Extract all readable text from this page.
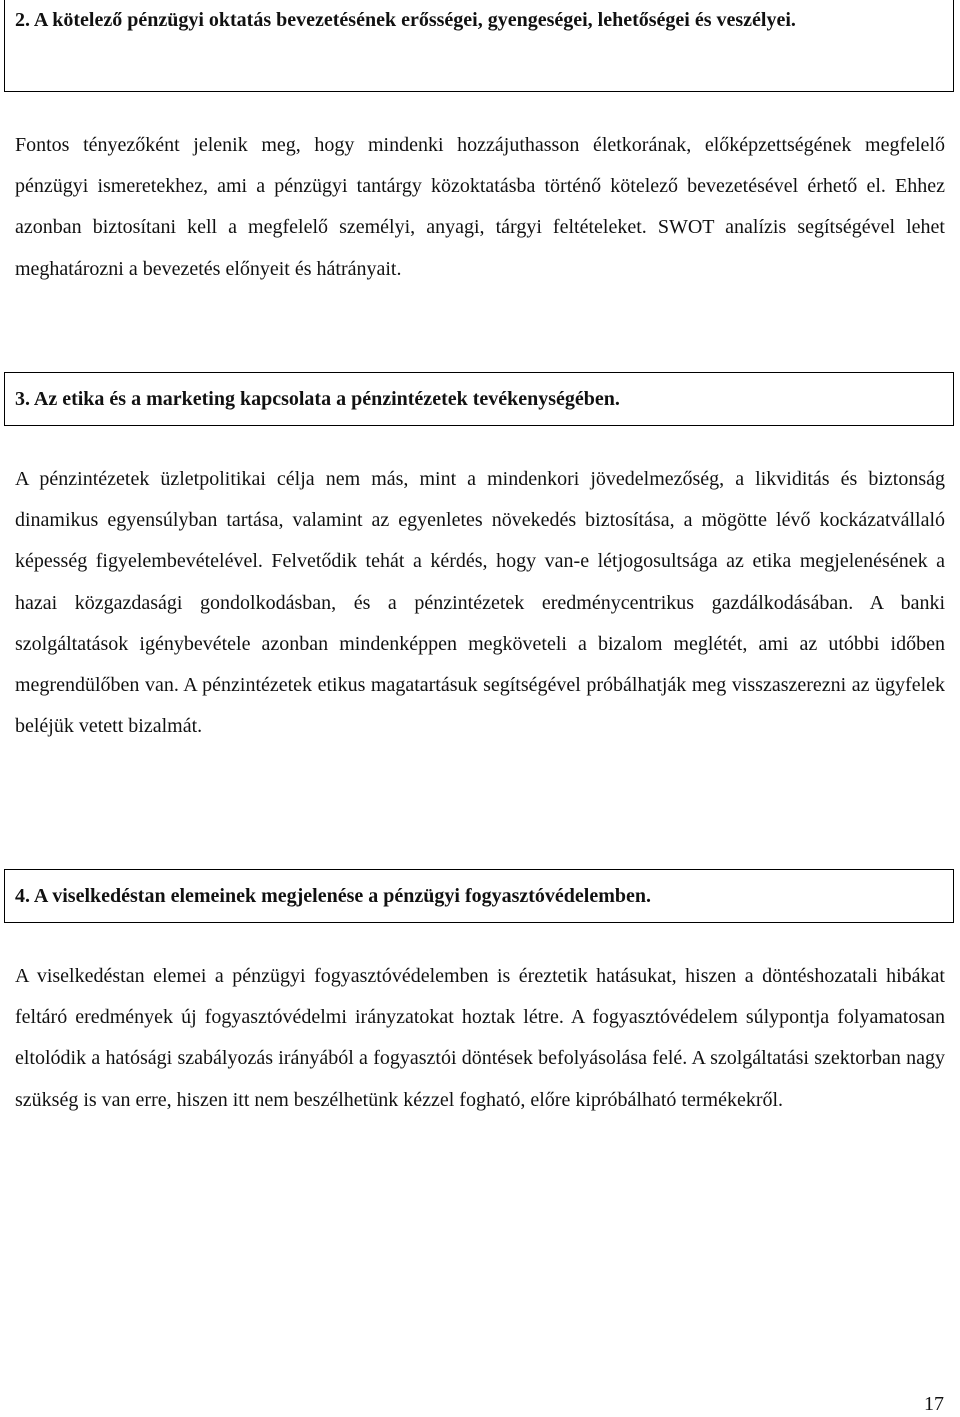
2. A kötelező pénzügyi oktatás bevezetésének erősségei, gyengeségei, lehetőségei és veszélyei.

Fontos tényezőként jelenik meg, hogy mindenki hozzájuthasson életkorának, előképzettségének megfelelő pénzügyi ismeretekhez, ami a pénzügyi tantárgy közoktatásba történő kötelező bevezetésével érhető el. Ehhez azonban biztosítani kell a megfelelő személyi, anyagi, tárgyi feltételeket. SWOT analízis segítségével lehet meghatározni a bevezetés előnyeit és hátrányait.

3. Az etika és a marketing kapcsolata a pénzintézetek tevékenységében.

A pénzintézetek üzletpolitikai célja nem más, mint a mindenkori jövedelmezőség, a likviditás és biztonság dinamikus egyensúlyban tartása, valamint az egyenletes növekedés biztosítása, a mögötte lévő kockázatvállaló képesség figyelembevételével. Felvetődik tehát a kérdés, hogy van-e létjogosultsága az etika megjelenésének a hazai közgazdasági gondolkodásban, és a pénzintézetek eredménycentrikus gazdálkodásában. A banki szolgáltatások igénybevétele azonban mindenképpen megköveteli a bizalom meglétét, ami az utóbbi időben megrendülőben van. A pénzintézetek etikus magatartásuk segítségével próbálhatják meg visszaszerezni az ügyfelek beléjük vetett bizalmát.

4. A viselkedéstan elemeinek megjelenése a pénzügyi fogyasztóvédelemben.

A viselkedéstan elemei a pénzügyi fogyasztóvédelemben is éreztetik hatásukat, hiszen a döntéshozatali hibákat feltáró eredmények új fogyasztóvédelmi irányzatokat hoztak létre. A fogyasztóvédelem súlypontja folyamatosan eltolódik a hatósági szabályozás irányából a fogyasztói döntések befolyásolása felé. A szolgáltatási szektorban nagy szükség is van erre, hiszen itt nem beszélhetünk kézzel fogható, előre kipróbálható termékekről.

17
